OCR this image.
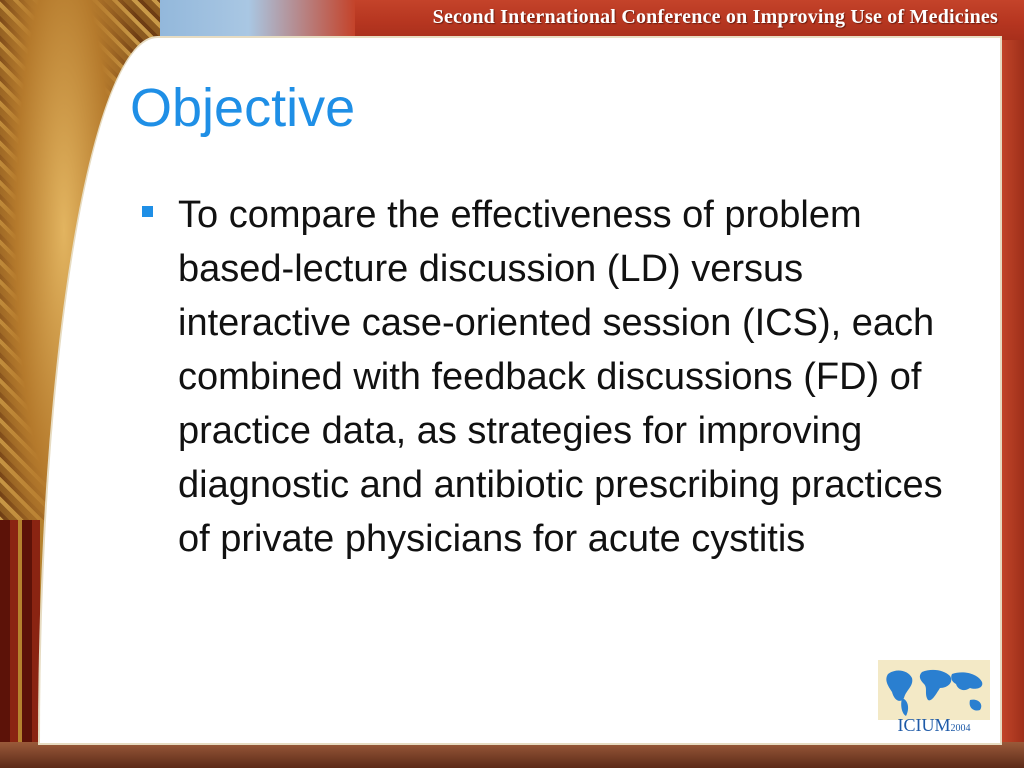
Second International Conference on Improving Use of Medicines
Objective

To compare the effectiveness of problem based-lecture discussion (LD) versus interactive case-oriented session (ICS), each combined with feedback discussions (FD) of practice data, as strategies for improving diagnostic and antibiotic prescribing practices of private physicians for acute cystitis

ICIUM2004
